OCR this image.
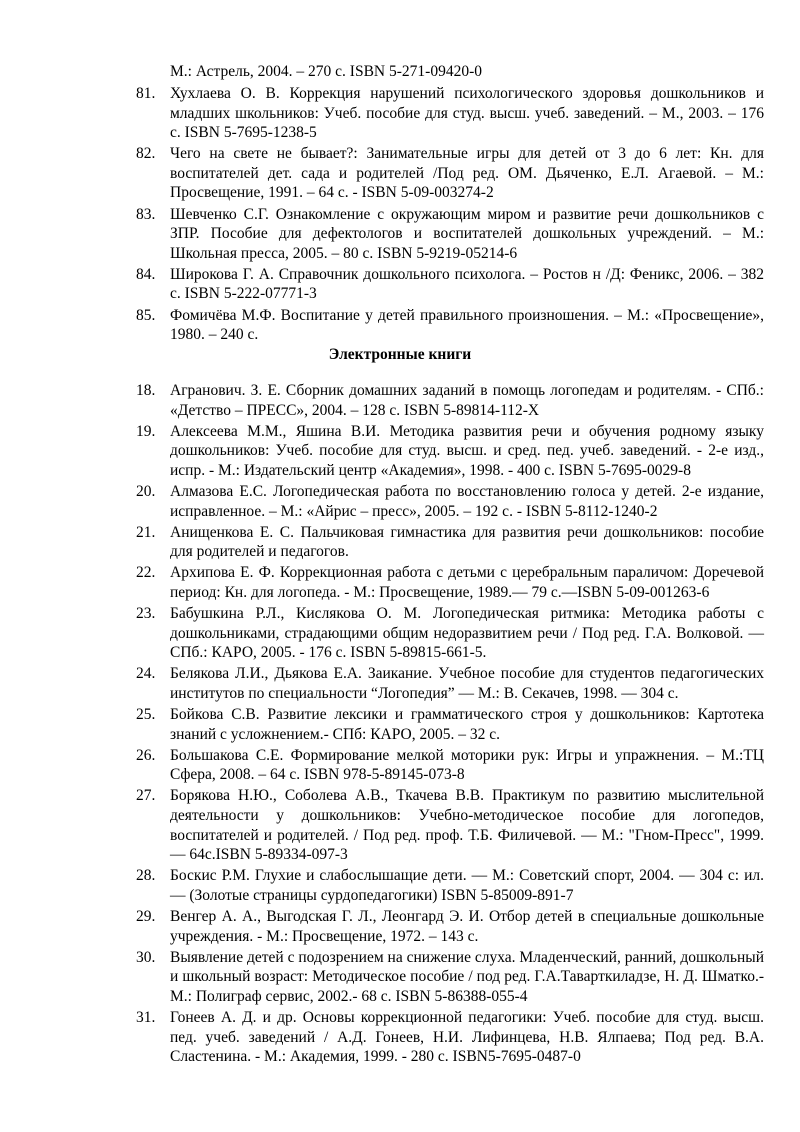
М.: Астрель, 2004. – 270 с. ISBN 5-271-09420-0
81. Хухлаева О. В. Коррекция нарушений психологического здоровья дошкольников и младших школьников: Учеб. пособие для студ. высш. учеб. заведений. – М., 2003. – 176 с. ISBN 5-7695-1238-5
82. Чего на свете не бывает?: Занимательные игры для детей от 3 до 6 лет: Кн. для воспитателей дет. сада и родителей /Под ред. ОМ. Дьяченко, Е.Л. Агаевой. – М.: Просвещение, 1991. – 64 с. - ISBN 5-09-003274-2
83. Шевченко С.Г. Ознакомление с окружающим миром и развитие речи дошкольников с ЗПР. Пособие для дефектологов и воспитателей дошкольных учреждений. – М.: Школьная пресса, 2005. – 80 с. ISBN 5-9219-05214-6
84. Широкова Г. А. Справочник дошкольного психолога. – Ростов н /Д: Феникс, 2006. – 382 с. ISBN 5-222-07771-3
85. Фомичёва М.Ф. Воспитание у детей правильного произношения. – М.: «Просвещение», 1980. – 240 с.
Электронные книги
18. Агранович. З. Е. Сборник домашних заданий в помощь логопедам и родителям. - СПб.: «Детство – ПРЕСС», 2004. – 128 с. ISBN 5-89814-112-X
19. Алексеева М.М., Яшина В.И. Методика развития речи и обучения родному языку дошкольников: Учеб. пособие для студ. высш. и сред. пед. учеб. заведений. - 2-е изд., испр. - М.: Издательский центр «Академия», 1998. - 400 с. ISBN 5-7695-0029-8
20. Алмазова Е.С. Логопедическая работа по восстановлению голоса у детей. 2-е издание, исправленное. – М.: «Айрис – пресс», 2005. – 192 с. - ISBN 5-8112-1240-2
21. Анищенкова Е. С. Пальчиковая гимнастика для развития речи дошкольников: пособие для родителей и педагогов.
22. Архипова Е. Ф. Коррекционная работа с детьми с церебральным параличом: Доречевой период: Кн. для логопеда. - М.: Просвещение, 1989.— 79 с.—ISBN 5-09-001263-6
23. Бабушкина Р.Л., Кислякова О. М. Логопедическая ритмика: Методика работы с дошкольниками, страдающими общим недоразвитием речи / Под ред. Г.А. Волковой. —СПб.: КАРО, 2005. - 176 с. ISBN 5-89815-661-5.
24. Белякова Л.И., Дьякова Е.А. Заикание. Учебное пособие для студентов педагогических институтов по специальности “Логопедия” — М.: В. Секачев, 1998. — 304 с.
25. Бойкова С.В. Развитие лексики и грамматического строя у дошкольников: Картотека знаний с усложнением.- СПб: КАРО, 2005. – 32 с.
26. Большакова С.Е. Формирование мелкой моторики рук: Игры и упражнения. – М.:ТЦ Сфера, 2008. – 64 с. ISBN 978-5-89145-073-8
27. Борякова Н.Ю., Соболева А.В., Ткачева В.В. Практикум по развитию мыслительной деятельности у дошкольников: Учебно-методическое пособие для логопедов, воспитателей и родителей. / Под ред. проф. Т.Б. Филичевой. — М.: "Гном-Пресс", 1999. — 64с.ISBN 5-89334-097-3
28. Боскис Р.М. Глухие и слабослышащие дети. — М.: Советский спорт, 2004. — 304 с: ил. — (Золотые страницы сурдопедагогики) ISBN 5-85009-891-7
29. Венгер А. А., Выгодская Г. Л., Леонгард Э. И. Отбор детей в специальные дошкольные учреждения. - М.: Просвещение, 1972. – 143 с.
30. Выявление детей с подозрением на снижение слуха. Младенческий, ранний, дошкольный и школьный возраст: Методическое пособие / под ред. Г.А.Таварткиладзе, Н. Д. Шматко.- М.: Полиграф сервис, 2002.- 68 с. ISBN 5-86388-055-4
31. Гонеев А. Д. и др. Основы коррекционной педагогики: Учеб. пособие для студ. высш. пед. учеб. заведений / А.Д. Гонеев, Н.И. Лифинцева, Н.В. Ялпаева; Под ред. В.А. Сластенина. - М.: Академия, 1999. - 280 с. ISBN5-7695-0487-0
